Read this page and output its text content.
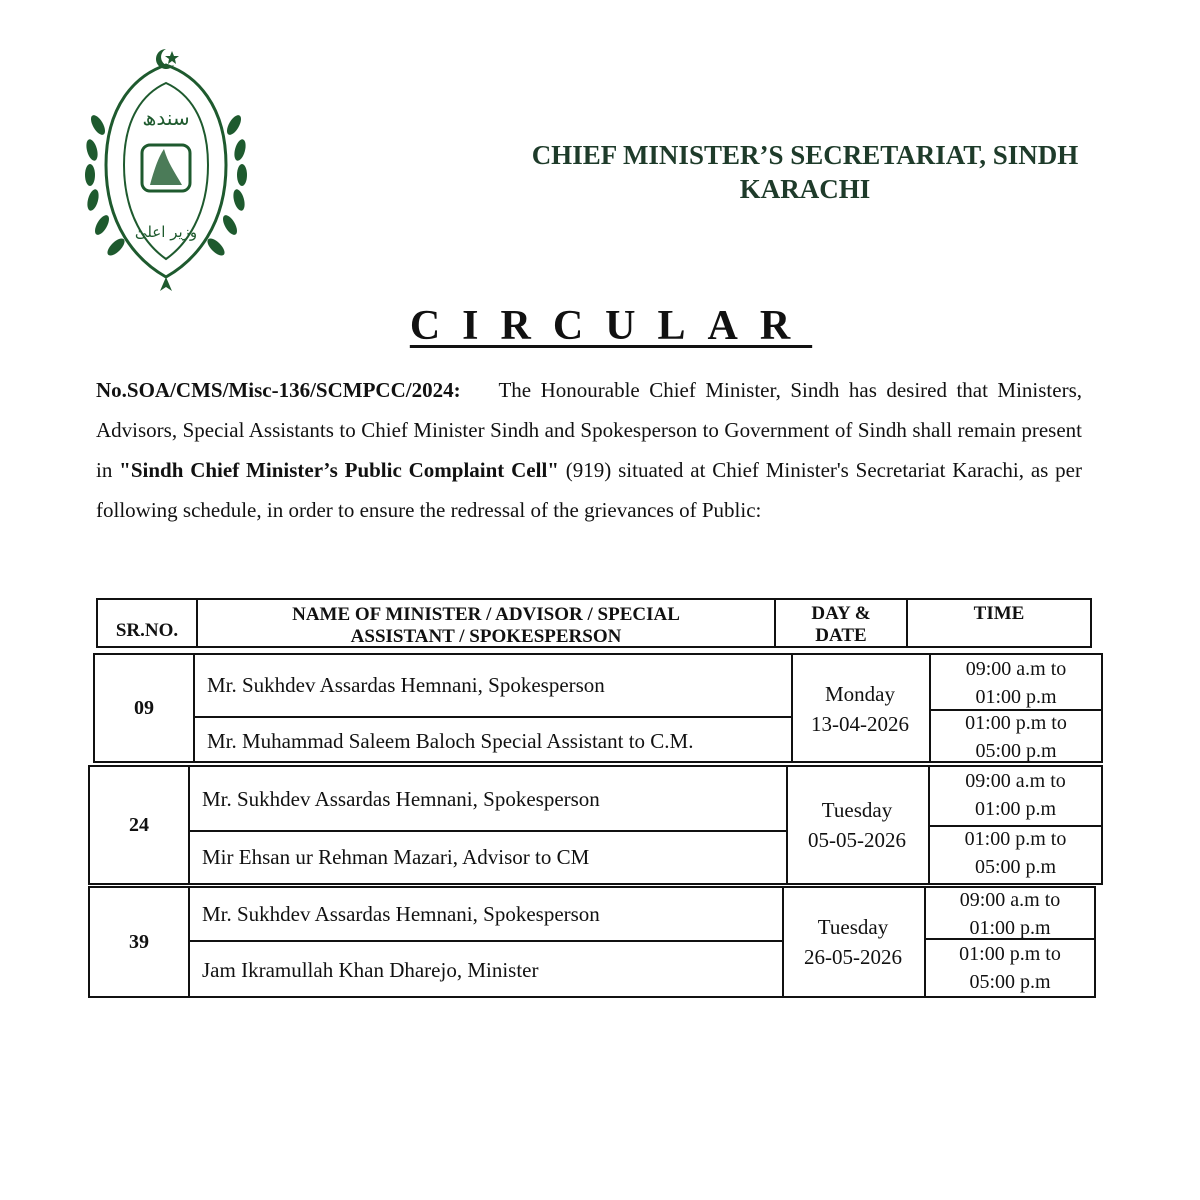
سندھ
وزیر اعلیٰ
CHIEF MINISTER’S SECRETARIAT, SINDH
KARACHI
CIRCULAR
No.SOA/CMS/Misc-136/SCMPCC/2024: The Honourable Chief Minister, Sindh has desired that Ministers, Advisors, Special Assistants to Chief Minister Sindh and Spokesperson to Government of Sindh shall remain present in "Sindh Chief Minister’s Public Complaint Cell" (919) situated at Chief Minister's Secretariat Karachi, as per following schedule, in order to ensure the redressal of the grievances of Public:
SR.NO.
NAME OF MINISTER / ADVISOR / SPECIAL
ASSISTANT / SPOKESPERSON
DAY &
DATE
TIME
09
Mr. Sukhdev Assardas Hemnani, Spokesperson
Mr. Muhammad Saleem Baloch Special Assistant to C.M.
Monday
13-04-2026
09:00 a.m to
01:00 p.m
01:00 p.m to
05:00 p.m
24
Mr. Sukhdev Assardas Hemnani, Spokesperson
Mir Ehsan ur Rehman Mazari, Advisor to CM
Tuesday
05-05-2026
09:00 a.m to
01:00 p.m
01:00 p.m to
05:00 p.m
39
Mr. Sukhdev Assardas Hemnani, Spokesperson
Jam Ikramullah Khan Dharejo, Minister
Tuesday
26-05-2026
09:00 a.m to
01:00 p.m
01:00 p.m to
05:00 p.m
